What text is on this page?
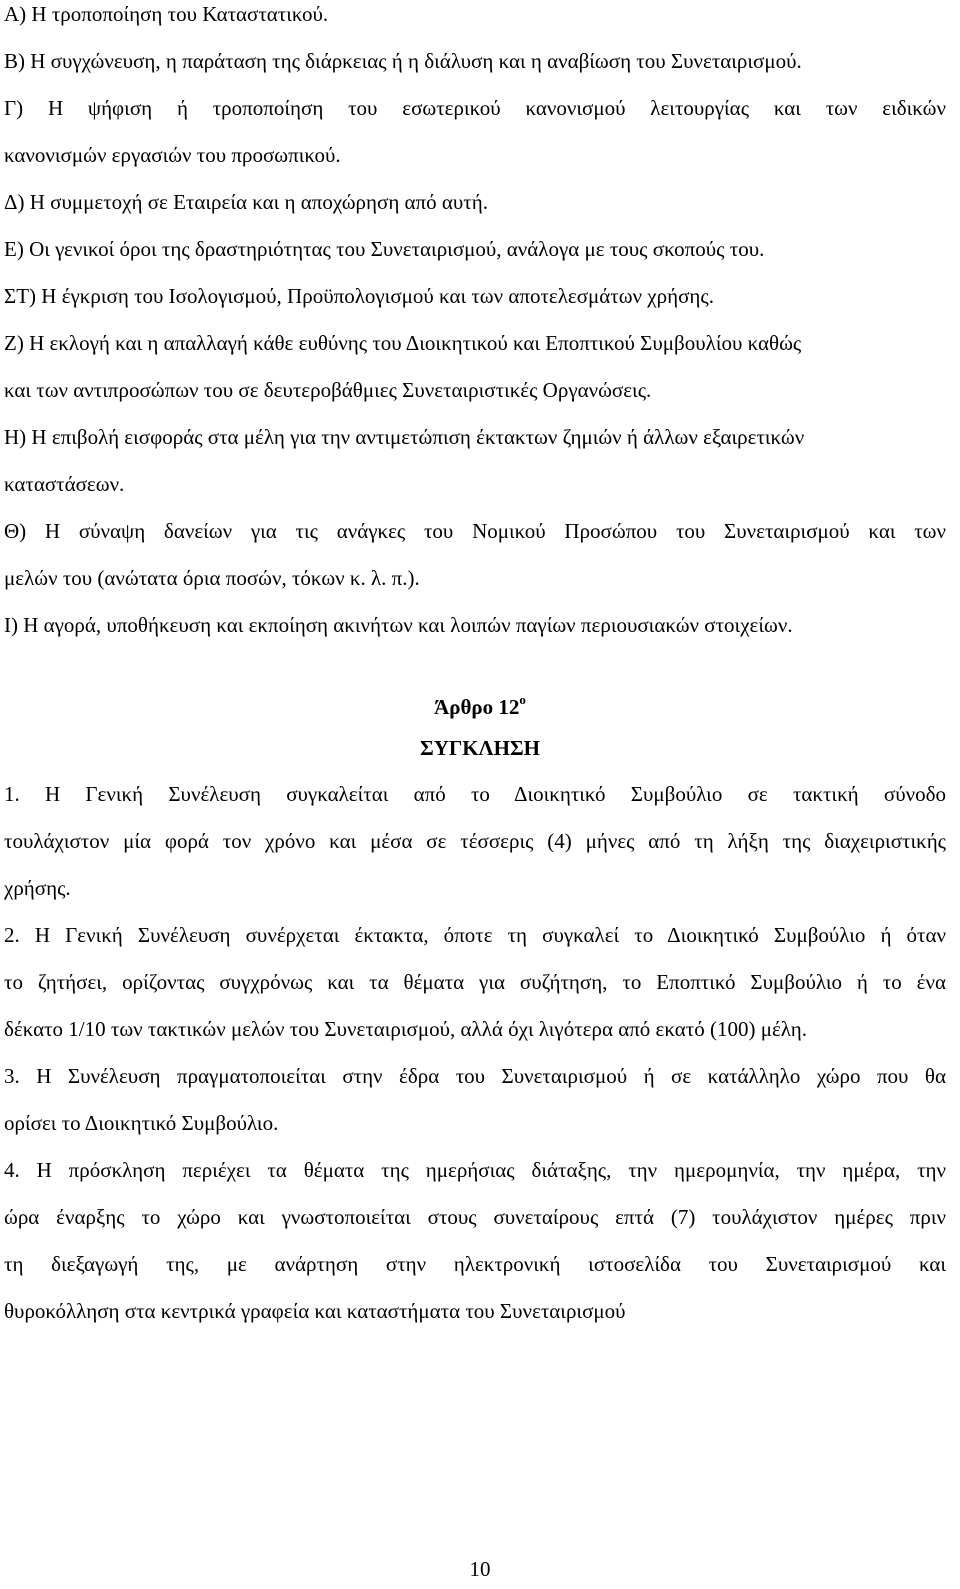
Α) Η τροποποίηση του Καταστατικού.
Β) Η συγχώνευση, η παράταση της διάρκειας ή η διάλυση και η αναβίωση του Συνεταιρισμού.
Γ) Η ψήφιση ή τροποποίηση του εσωτερικού κανονισμού λειτουργίας και των ειδικών
κανονισμών εργασιών του προσωπικού.
Δ) Η συμμετοχή σε Εταιρεία και η αποχώρηση από αυτή.
Ε) Οι γενικοί όροι της δραστηριότητας του Συνεταιρισμού, ανάλογα με τους σκοπούς του.
ΣΤ) Η έγκριση του Ισολογισμού, Προϋπολογισμού και των αποτελεσμάτων χρήσης.
Ζ) Η εκλογή και η απαλλαγή κάθε ευθύνης του Διοικητικού και Εποπτικού Συμβουλίου καθώς
και των αντιπροσώπων του σε δευτεροβάθμιες Συνεταιριστικές Οργανώσεις.
Η) Η επιβολή εισφοράς στα μέλη για την αντιμετώπιση έκτακτων ζημιών ή άλλων εξαιρετικών
καταστάσεων.
Θ) Η σύναψη δανείων για τις ανάγκες του Νομικού Προσώπου του Συνεταιρισμού και των
μελών του (ανώτατα όρια ποσών, τόκων κ. λ. π.).
Ι) Η αγορά, υποθήκευση και εκποίηση ακινήτων και λοιπών παγίων περιουσιακών στοιχείων.
Άρθρο $12^o$
ΣΥΓΚΛΗΣΗ
1. Η Γενική Συνέλευση συγκαλείται από το Διοικητικό Συμβούλιο σε τακτική σύνοδο
τουλάχιστον μία φορά τον χρόνο και μέσα σε τέσσερις (4) μήνες από τη λήξη της διαχειριστικής
χρήσης.
2. Η Γενική Συνέλευση συνέρχεται έκτακτα, όποτε τη συγκαλεί το Διοικητικό Συμβούλιο ή όταν
το ζητήσει, ορίζοντας συγχρόνως και τα θέματα για συζήτηση, το Εποπτικό Συμβούλιο ή το ένα
δέκατο 1/10 των τακτικών μελών του Συνεταιρισμού, αλλά όχι λιγότερα από εκατό (100) μέλη.
3. Η Συνέλευση πραγματοποιείται στην έδρα του Συνεταιρισμού ή σε κατάλληλο χώρο που θα
ορίσει το Διοικητικό Συμβούλιο.
4. Η πρόσκληση περιέχει τα θέματα της ημερήσιας διάταξης, την ημερομηνία, την ημέρα, την
ώρα έναρξης το χώρο και γνωστοποιείται στους συνεταίρους επτά (7) τουλάχιστον ημέρες πριν
τη διεξαγωγή της, με ανάρτηση στην ηλεκτρονική ιστοσελίδα του Συνεταιρισμού και
θυροκόλληση στα κεντρικά γραφεία και καταστήματα του Συνεταιρισμού
10
